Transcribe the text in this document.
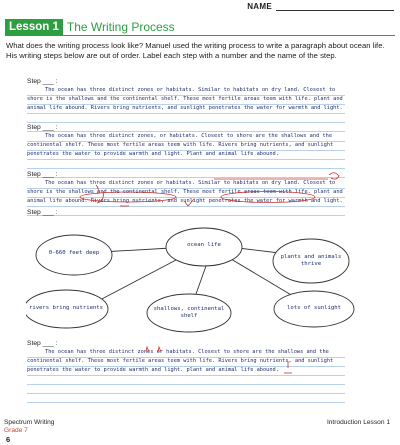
NAME
Lesson 1 The Writing Process

What does the writing process look like? Manuel used the writing process to write a paragraph about ocean life. His writing steps below are out of order. Label each step with a number and the name of the step.

Step ___ :

The ocean has three distinct zones or habitats. Similar to habitats on dry land. Closest to shore is the shallows and the continental shelf. These most fertile areas teem with life. plant and animal life abound. Rivers bring nutrients, and sunlight penetrates the water for warmth and light.

Step ___ :

The ocean has three distinct zones, or habitats. Closest to shore are the shallows and the continental shelf. These most fertile areas teem with life. Rivers bring nutrients, and sunlight penetrates the water to provide warmth and light. Plant and animal life abound.

Step ___ :

The ocean has three distinct zones or habitats. Similar to habitats on dry land. Closest to shore is the shallows and the continental shelf. These most fertile areas teem with life. plant and animal life abound. Rivers bring nutrients, and sunlight penetrates the water for warmth and light.

Step ___ :

ocean life
0-660 feet deep
plants and animals thrive
rivers bring nutrients	shallows, continental shelf
lots of sunlight
Step ___ :

The ocean has three distinct zones or habitats. Closest to shore are the shallows and the continental shelf. These most fertile areas teem with life. Rivers bring nutrients, and sunlight penetrates the water to provide warmth and light. plant and animal life abound.

Spectrum Writing
Grade 7
Introduction Lesson 1
6
